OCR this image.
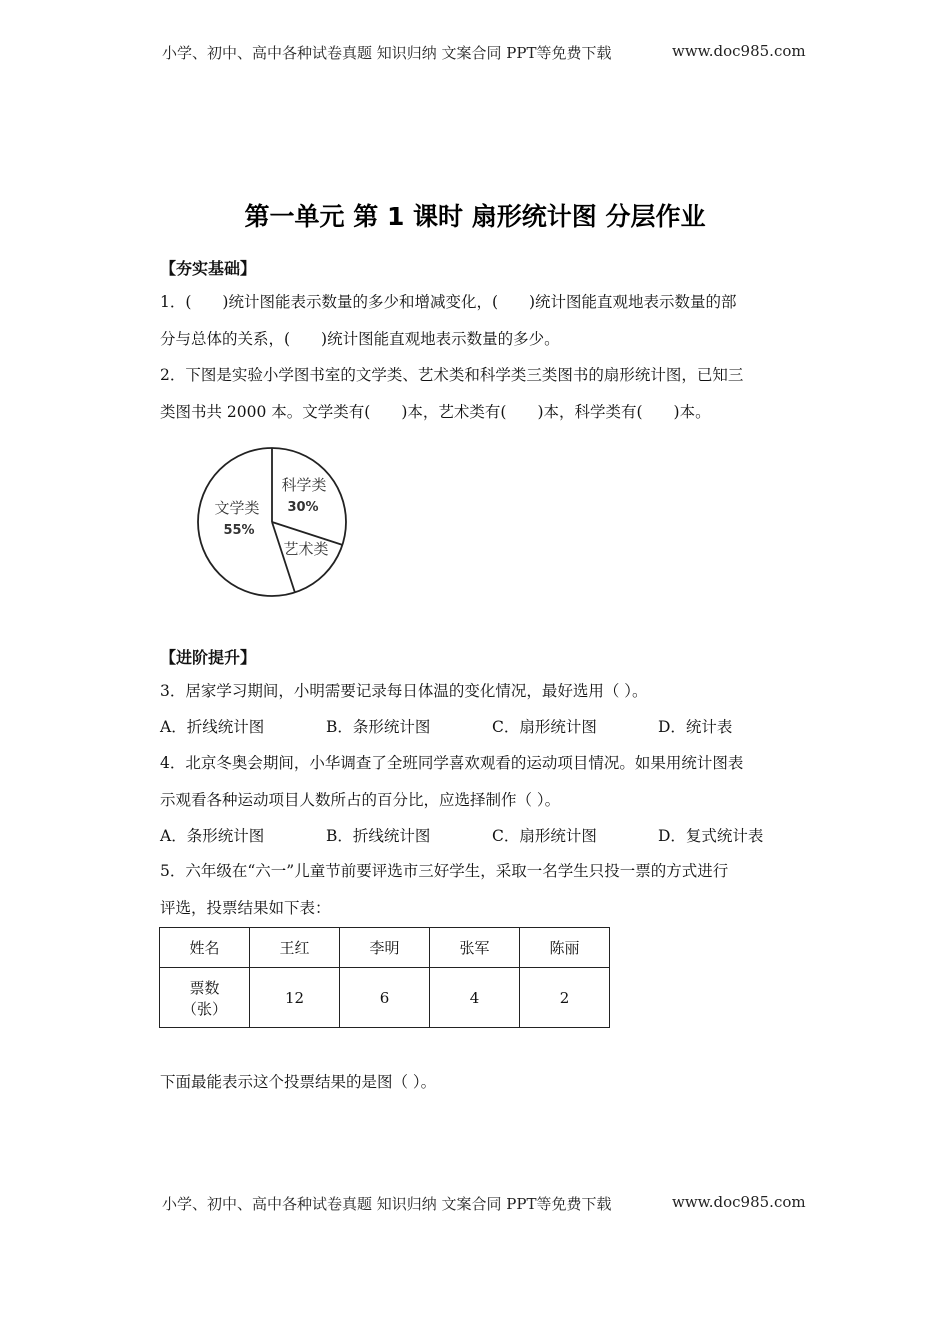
小学、初中、高中各种试卷真题 知识归纳 文案合同 PPT等免费下载	www.doc985.com
第一单元 第 1 课时 扇形统计图 分层作业
【夯实基础】
1．(　　)统计图能表示数量的多少和增减变化，(　　)统计图能直观地表示数量的部
分与总体的关系，(　　)统计图能直观地表示数量的多少。
2．下图是实验小学图书室的文学类、艺术类和科学类三类图书的扇形统计图，已知三
类图书共 2000 本。文学类有(　　)本，艺术类有(　　)本，科学类有(　　)本。
文学类
55%
科学类
30%
艺术类
【进阶提升】
3．居家学习期间，小明需要记录每日体温的变化情况，最好选用（ ）。
A．折线统计图	B．条形统计图	C．扇形统计图	D．统计表
4．北京冬奥会期间，小华调查了全班同学喜欢观看的运动项目情况。如果用统计图表
示观看各种运动项目人数所占的百分比，应选择制作（ ）。
A．条形统计图	B．折线统计图	C．扇形统计图	D．复式统计表
5．六年级在“六一”儿童节前要评选市三好学生，采取一名学生只投一票的方式进行
评选，投票结果如下表：
姓名	王红	李明	张军	陈丽

票数
（张）	12	6	4	2
下面最能表示这个投票结果的是图（ ）。
小学、初中、高中各种试卷真题 知识归纳 文案合同 PPT等免费下载	www.doc985.com
